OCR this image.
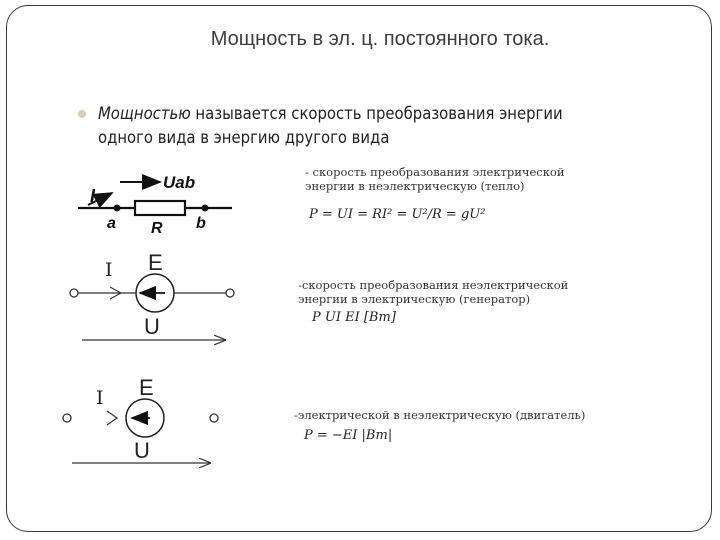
Мощность в эл. ц. постоянного тока.
Мощностью называется скорость преобразования энергии
одного вида в энергию другого вида
I
Uab
a	b
R
I E
U
I E
U
- скорость преобразования электрической
энергии в неэлектрическую (тепло)
P = UI = RI² = U²/R = gU²
-скорость преобразования неэлектрической
энергии в электрическую (генератор)
P UI EI [Bm]
-электрической в неэлектрическую (двигатель)
P = −EI |Bm|
